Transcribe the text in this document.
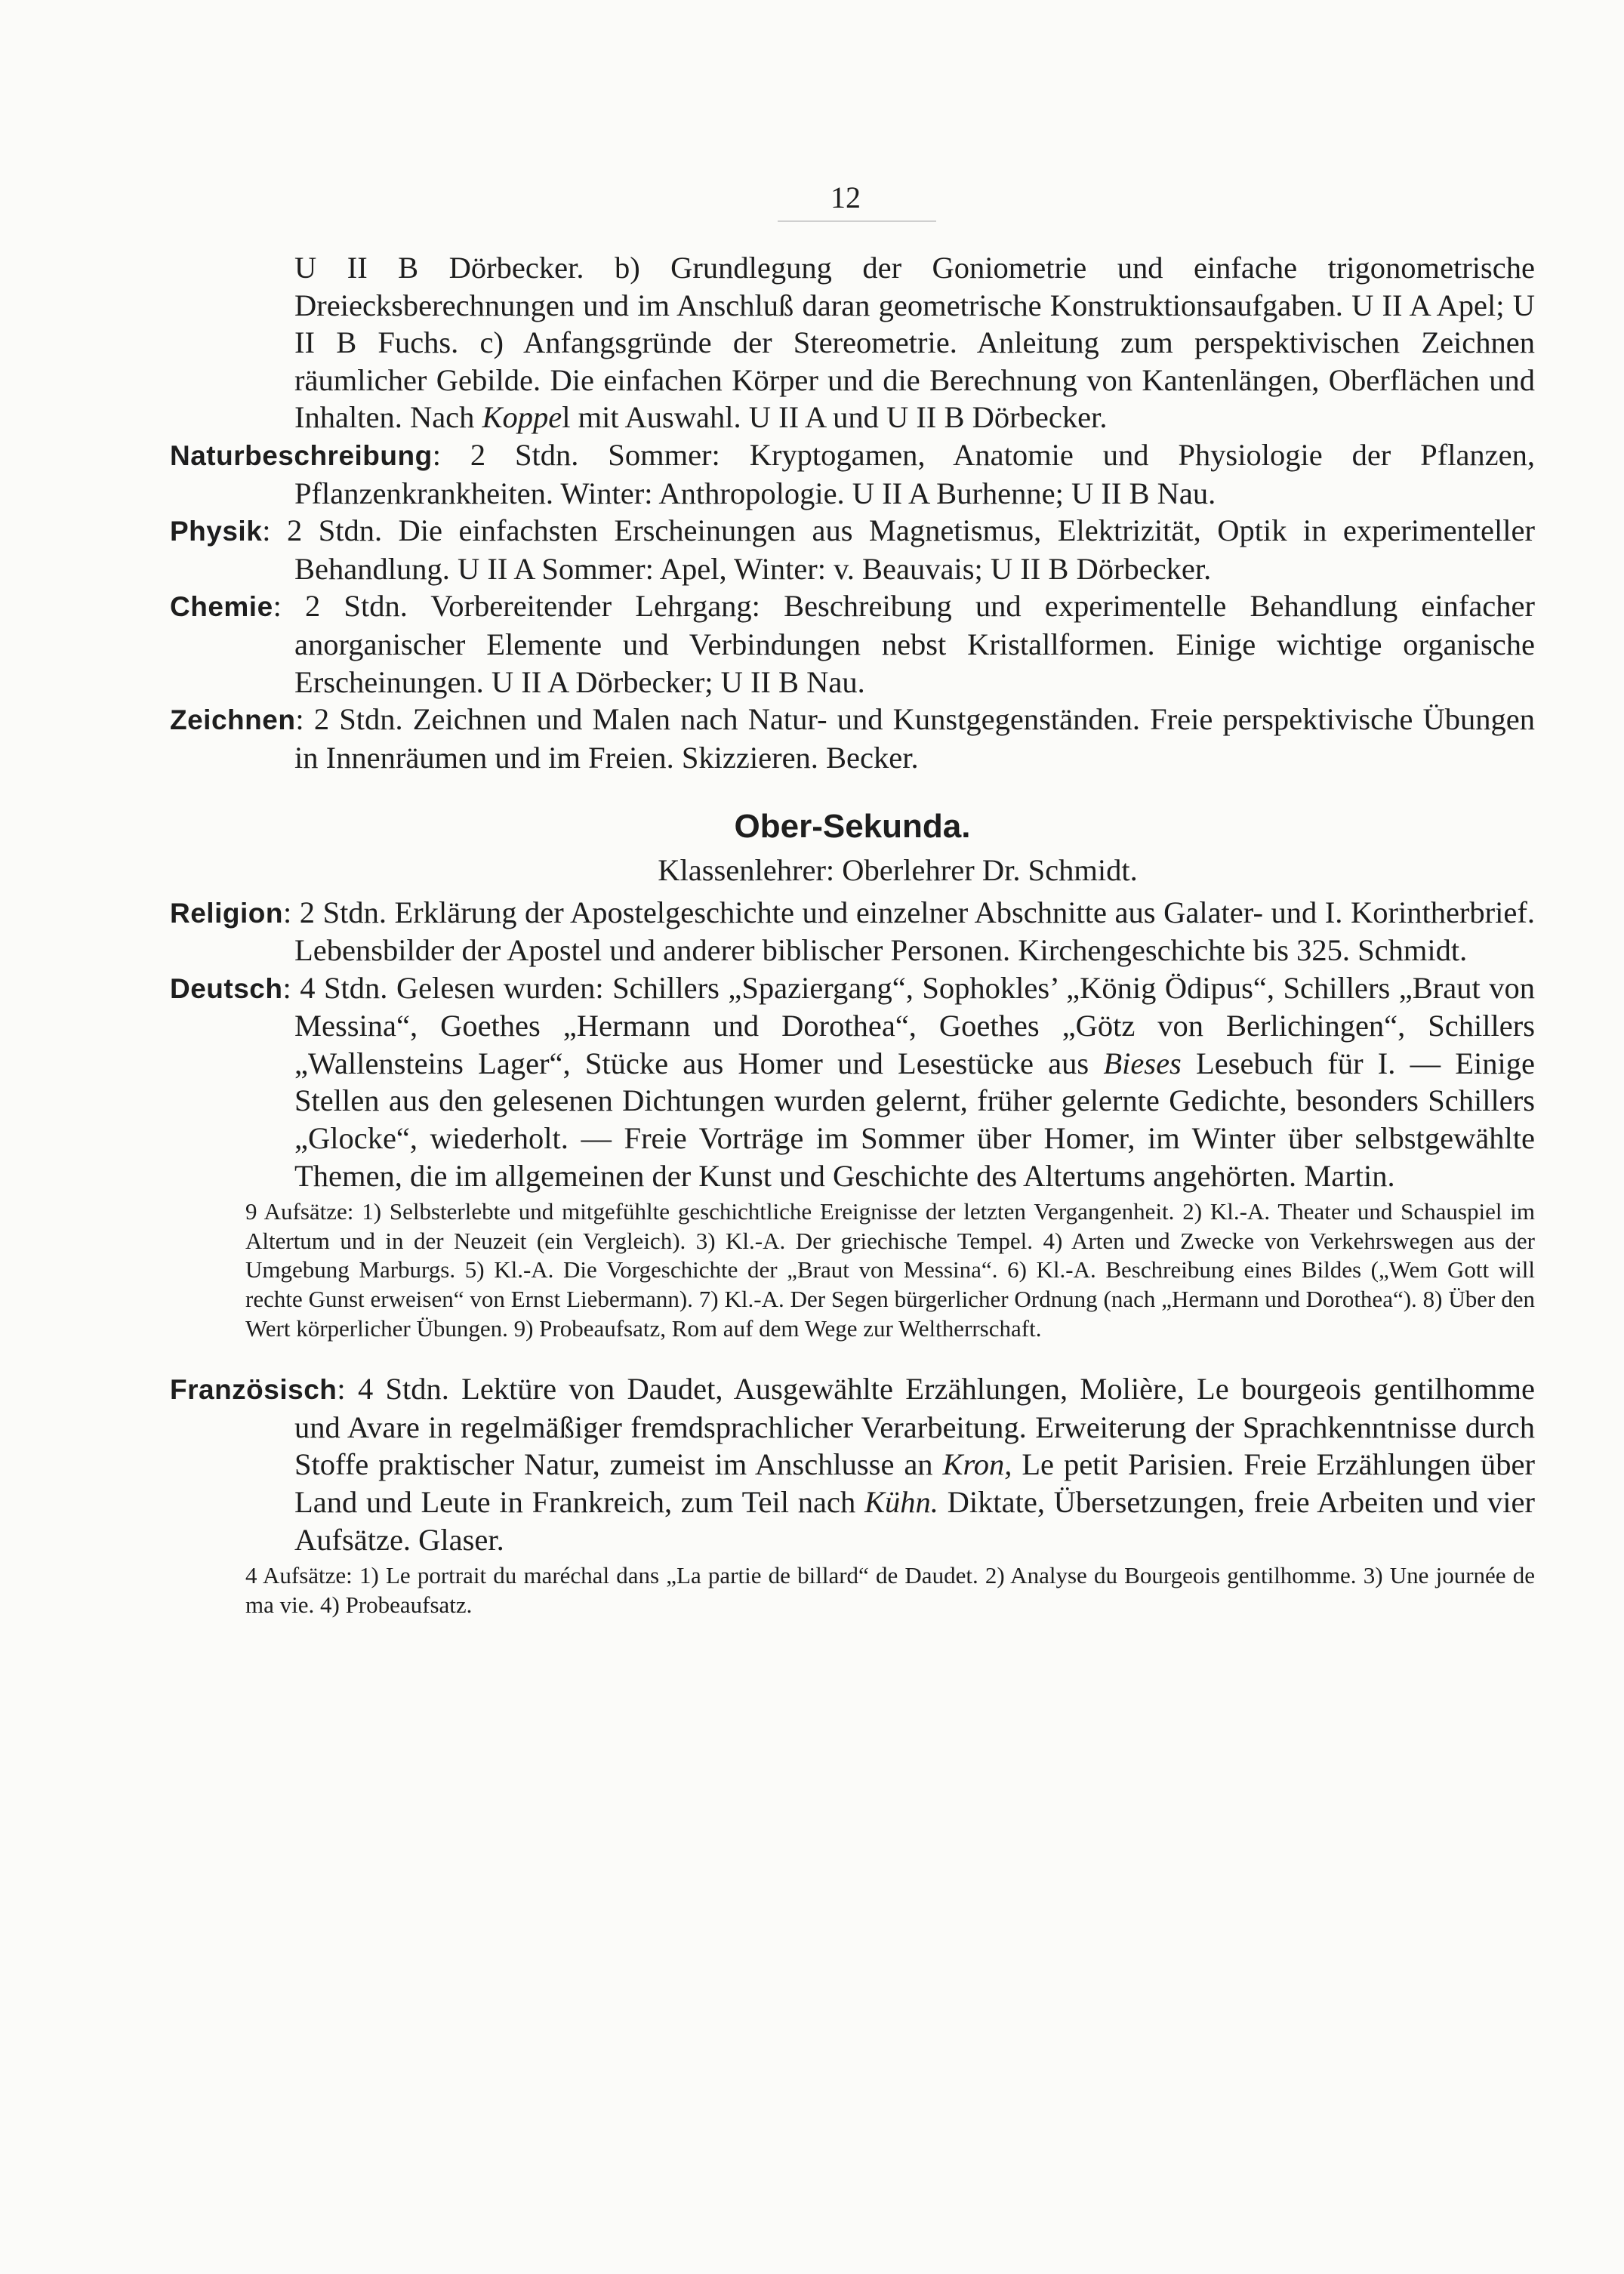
12

U II B Dörbecker. b) Grundlegung der Goniometrie und einfache trigonometrische Dreiecksberechnungen und im Anschluß daran geometrische Konstruktionsaufgaben. U II A Apel; U II B Fuchs. c) Anfangsgründe der Stereometrie. Anleitung zum perspektivischen Zeichnen räumlicher Gebilde. Die einfachen Körper und die Berechnung von Kantenlängen, Oberflächen und Inhalten. Nach Koppel mit Auswahl. U II A und U II B Dörbecker.

Naturbeschreibung: 2 Stdn. Sommer: Kryptogamen, Anatomie und Physiologie der Pflanzen, Pflanzenkrankheiten. Winter: Anthropologie. U II A Burhenne; U II B Nau.

Physik: 2 Stdn. Die einfachsten Erscheinungen aus Magnetismus, Elektrizität, Optik in experimenteller Behandlung. U II A Sommer: Apel, Winter: v. Beauvais; U II B Dörbecker.

Chemie: 2 Stdn. Vorbereitender Lehrgang: Beschreibung und experimentelle Behandlung einfacher anorganischer Elemente und Verbindungen nebst Kristallformen. Einige wichtige organische Erscheinungen. U II A Dörbecker; U II B Nau.

Zeichnen: 2 Stdn. Zeichnen und Malen nach Natur- und Kunstgegenständen. Freie perspektivische Übungen in Innenräumen und im Freien. Skizzieren. Becker.

Ober-Sekunda.
Klassenlehrer: Oberlehrer Dr. Schmidt.

Religion: 2 Stdn. Erklärung der Apostelgeschichte und einzelner Abschnitte aus Galater- und I. Korintherbrief. Lebensbilder der Apostel und anderer biblischer Personen. Kirchengeschichte bis 325. Schmidt.

Deutsch: 4 Stdn. Gelesen wurden: Schillers „Spaziergang“, Sophokles’ „König Ödipus“, Schillers „Braut von Messina“, Goethes „Hermann und Dorothea“, Goethes „Götz von Berlichingen“, Schillers „Wallensteins Lager“, Stücke aus Homer und Lesestücke aus Bieses Lesebuch für I. — Einige Stellen aus den gelesenen Dichtungen wurden gelernt, früher gelernte Gedichte, besonders Schillers „Glocke“, wiederholt. — Freie Vorträge im Sommer über Homer, im Winter über selbstgewählte Themen, die im allgemeinen der Kunst und Geschichte des Altertums angehörten. Martin.

9 Aufsätze: 1) Selbsterlebte und mitgefühlte geschichtliche Ereignisse der letzten Vergangenheit. 2) Kl.-A. Theater und Schauspiel im Altertum und in der Neuzeit (ein Vergleich). 3) Kl.-A. Der griechische Tempel. 4) Arten und Zwecke von Verkehrswegen aus der Umgebung Marburgs. 5) Kl.-A. Die Vorgeschichte der „Braut von Messina“. 6) Kl.-A. Beschreibung eines Bildes („Wem Gott will rechte Gunst erweisen“ von Ernst Liebermann). 7) Kl.-A. Der Segen bürgerlicher Ordnung (nach „Hermann und Dorothea“). 8) Über den Wert körperlicher Übungen. 9) Probeaufsatz, Rom auf dem Wege zur Weltherrschaft.

Französisch: 4 Stdn. Lektüre von Daudet, Ausgewählte Erzählungen, Molière, Le bourgeois gentilhomme und Avare in regelmäßiger fremdsprachlicher Verarbeitung. Erweiterung der Sprachkenntnisse durch Stoffe praktischer Natur, zumeist im Anschlusse an Kron, Le petit Parisien. Freie Erzählungen über Land und Leute in Frankreich, zum Teil nach Kühn. Diktate, Übersetzungen, freie Arbeiten und vier Aufsätze. Glaser.

4 Aufsätze: 1) Le portrait du maréchal dans „La partie de billard“ de Daudet. 2) Analyse du Bourgeois gentilhomme. 3) Une journée de ma vie. 4) Probeaufsatz.
